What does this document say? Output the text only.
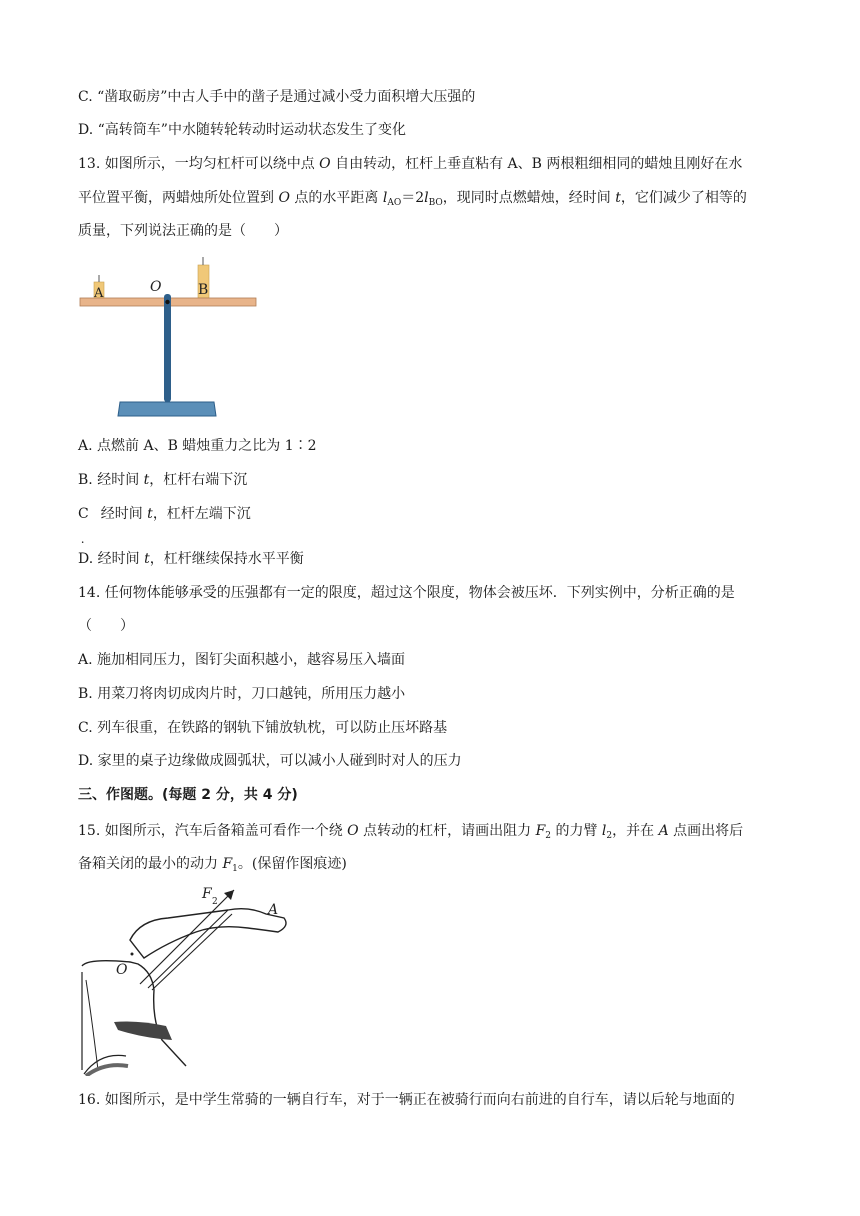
C. “凿取砺房”中古人手中的凿子是通过减小受力面积增大压强的
D. “高转筒车”中水随转轮转动时运动状态发生了变化
13. 如图所示，一均匀杠杆可以绕中点 O 自由转动，杠杆上垂直粘有 A、B 两根粗细相同的蜡烛且刚好在水
平位置平衡，两蜡烛所处位置到 O 点的水平距离 $l_{AO}=2l_{BO}$，现同时点燃蜡烛，经时间 t，它们减少了相等的
质量，下列说法正确的是（　　）
A	O	B
A. 点燃前 A、B 蜡烛重力之比为 1∶2
B. 经时间 t，杠杆右端下沉
C
.
经时间 t，杠杆左端下沉
D. 经时间 t，杠杆继续保持水平平衡
14. 任何物体能够承受的压强都有一定的限度，超过这个限度，物体会被压坏．下列实例中，分析正确的是
（　　）
A. 施加相同压力，图钉尖面积越小，越容易压入墙面
B. 用菜刀将肉切成肉片时，刀口越钝，所用压力越小
C. 列车很重，在铁路的钢轨下铺放轨枕，可以防止压坏路基
D. 家里的桌子边缘做成圆弧状，可以减小人碰到时对人的压力
三、作图题。(每题 2 分，共 4 分)
15. 如图所示，汽车后备箱盖可看作一个绕 O 点转动的杠杆，请画出阻力 $F_2$ 的力臂 $l_2$，并在 A 点画出将后
备箱关闭的最小的动力 $F_1$。(保留作图痕迹)
F 2	A
O
16. 如图所示，是中学生常骑的一辆自行车，对于一辆正在被骑行而向右前进的自行车，请以后轮与地面的
